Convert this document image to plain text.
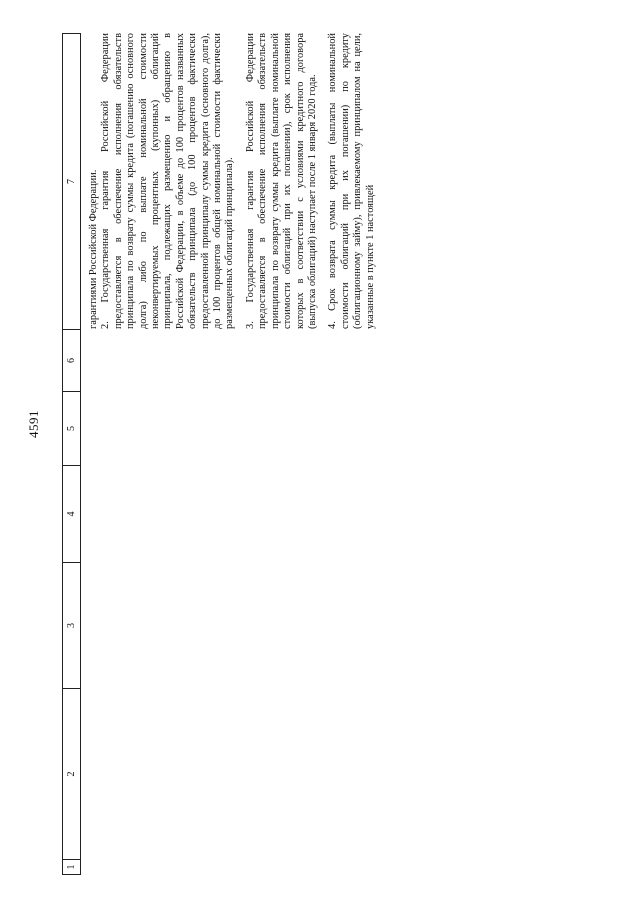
4591
1
2
3
4
5
6
7 гарантиями Российской Федерации. 2. Государственная гарантия Российской Федерации предоставляется в обеспечение исполнения обязательств принципала по возврату суммы кредита (погашению основного долга) либо по выплате номинальной стоимости неконвертируемых процентных (купонных) облигаций принципала, подлежащих размещению и обращению в Российской Федерации, в объеме до 100 процентов названных обязательств принципала (до 100 процентов фактически предоставленной принципалу суммы кредита (основного долга), до 100 процентов общей номинальной стоимости фактически размещенных облигаций принципала). 3. Государственная гарантия Российской Федерации предоставляется в обеспечение исполнения обязательств принципала по возврату суммы кредита (выплате номинальной стоимости облигаций при их погашении), срок исполнения которых в соответствии с условиями кредитного договора (выпуска облигаций) наступает после 1 января 2020 года. 4. Срок возврата суммы кредита (выплаты номинальной стоимости облигаций при их погашении) по кредиту (облигационному займу), привлекаемому принципалом на цели, указанные в пункте 1 настоящей
